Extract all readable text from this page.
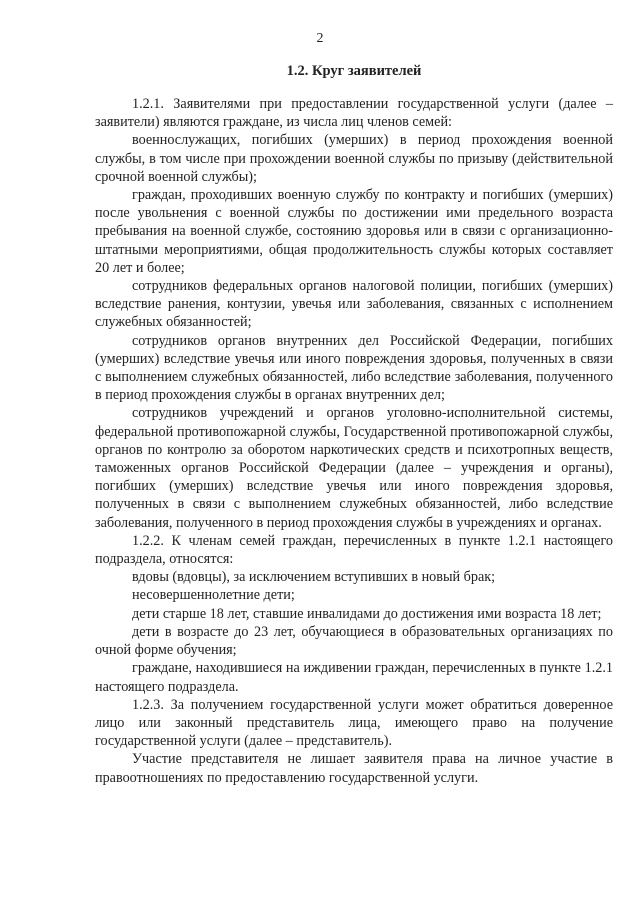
2
1.2. Круг заявителей

1.2.1. Заявителями при предоставлении государственной услуги (далее – заявители) являются граждане, из числа лиц членов семей:

военнослужащих, погибших (умерших) в период прохождения военной службы, в том числе при прохождении военной службы по призыву (действительной срочной военной службы);

граждан, проходивших военную службу по контракту и погибших (умерших) после увольнения с военной службы по достижении ими предельного возраста пребывания на военной службе, состоянию здоровья или в связи с организационно-штатными мероприятиями, общая продолжительность службы которых составляет 20 лет и более;

сотрудников федеральных органов налоговой полиции, погибших (умерших) вследствие ранения, контузии, увечья или заболевания, связанных с исполнением служебных обязанностей;

сотрудников органов внутренних дел Российской Федерации, погибших (умерших) вследствие увечья или иного повреждения здоровья, полученных в связи с выполнением служебных обязанностей, либо вследствие заболевания, полученного в период прохождения службы в органах внутренних дел;

сотрудников учреждений и органов уголовно-исполнительной системы, федеральной противопожарной службы, Государственной противопожарной службы, органов по контролю за оборотом наркотических средств и психотропных веществ, таможенных органов Российской Федерации (далее – учреждения и органы), погибших (умерших) вследствие увечья или иного повреждения здоровья, полученных в связи с выполнением служебных обязанностей, либо вследствие заболевания, полученного в период прохождения службы в учреждениях и органах.

1.2.2. К членам семей граждан, перечисленных в пункте 1.2.1 настоящего подраздела, относятся:

вдовы (вдовцы), за исключением вступивших в новый брак;

несовершеннолетние дети;

дети старше 18 лет, ставшие инвалидами до достижения ими возраста 18 лет;

дети в возрасте до 23 лет, обучающиеся в образовательных организациях по очной форме обучения;

граждане, находившиеся на иждивении граждан, перечисленных в пункте 1.2.1 настоящего подраздела.

1.2.3. За получением государственной услуги может обратиться доверенное лицо или законный представитель лица, имеющего право на получение государственной услуги (далее – представитель).

Участие представителя не лишает заявителя права на личное участие в правоотношениях по предоставлению государственной услуги.
